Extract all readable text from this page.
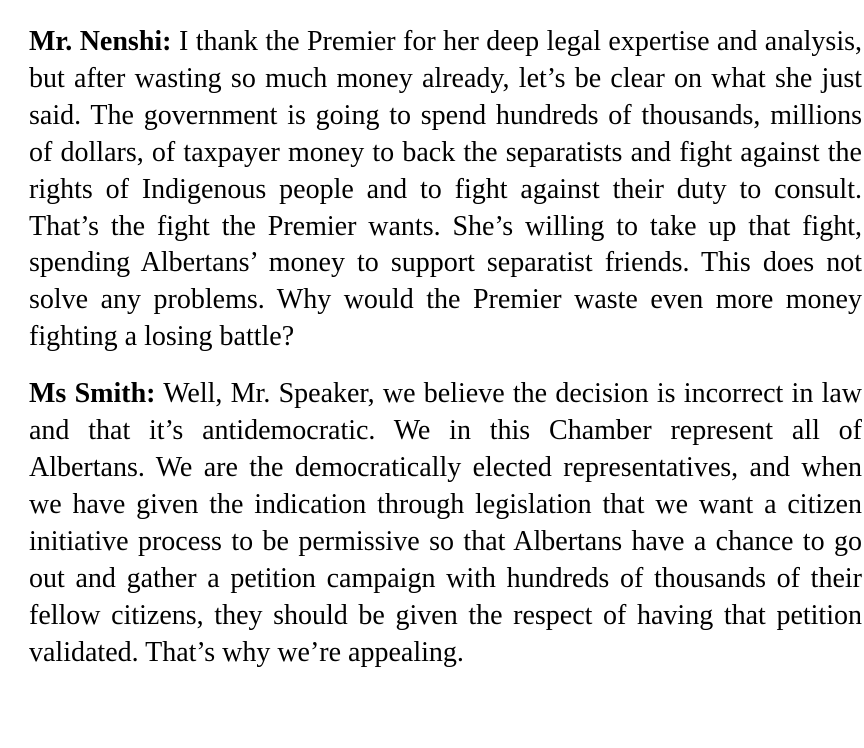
Mr. Nenshi: I thank the Premier for her deep legal expertise and analysis, but after wasting so much money already, let’s be clear on what she just said. The government is going to spend hundreds of thousands, millions of dollars, of taxpayer money to back the separatists and fight against the rights of Indigenous people and to fight against their duty to consult. That’s the fight the Premier wants. She’s willing to take up that fight, spending Albertans’ money to support separatist friends. This does not solve any problems. Why would the Premier waste even more money fighting a losing battle?

Ms Smith: Well, Mr. Speaker, we believe the decision is incorrect in law and that it’s antidemocratic. We in this Chamber represent all of Albertans. We are the democratically elected representatives, and when we have given the indication through legislation that we want a citizen initiative process to be permissive so that Albertans have a chance to go out and gather a petition campaign with hundreds of thousands of their fellow citizens, they should be given the respect of having that petition validated. That’s why we’re appealing.
